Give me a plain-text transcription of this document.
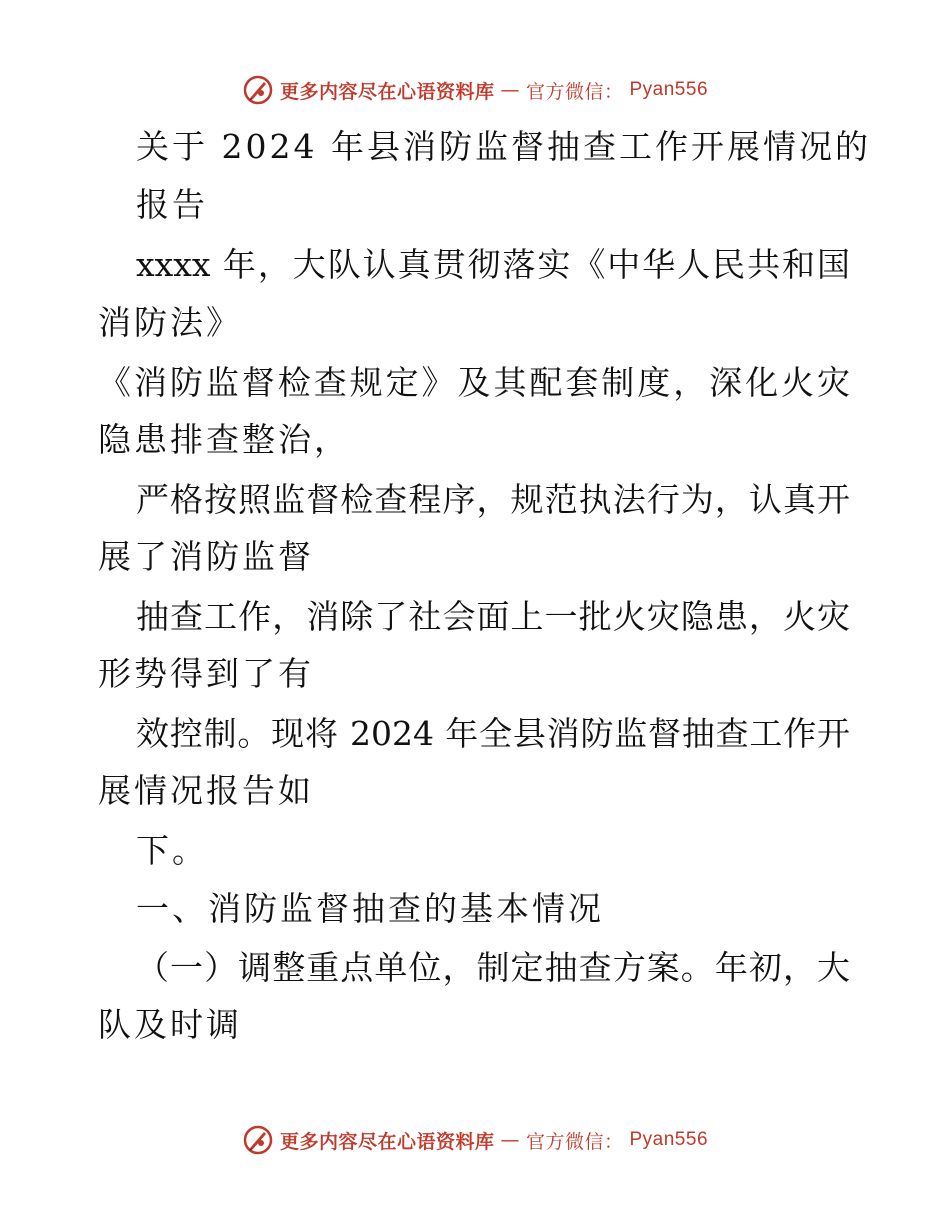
更多内容尽在心语资料库 — 官方微信： Pyan556
关于 2024 年县消防监督抽查工作开展情况的
报告
xxxx 年，大队认真贯彻落实《中华人民共和国
消防法》
《消防监督检查规定》及其配套制度，深化火灾
隐患排查整治，
严格按照监督检查程序，规范执法行为，认真开
展了消防监督
抽查工作，消除了社会面上一批火灾隐患，火灾
形势得到了有
效控制。现将 2024 年全县消防监督抽查工作开
展情况报告如
下。
一、消防监督抽查的基本情况
（一）调整重点单位，制定抽查方案。年初，大
队及时调
更多内容尽在心语资料库 — 官方微信： Pyan556
